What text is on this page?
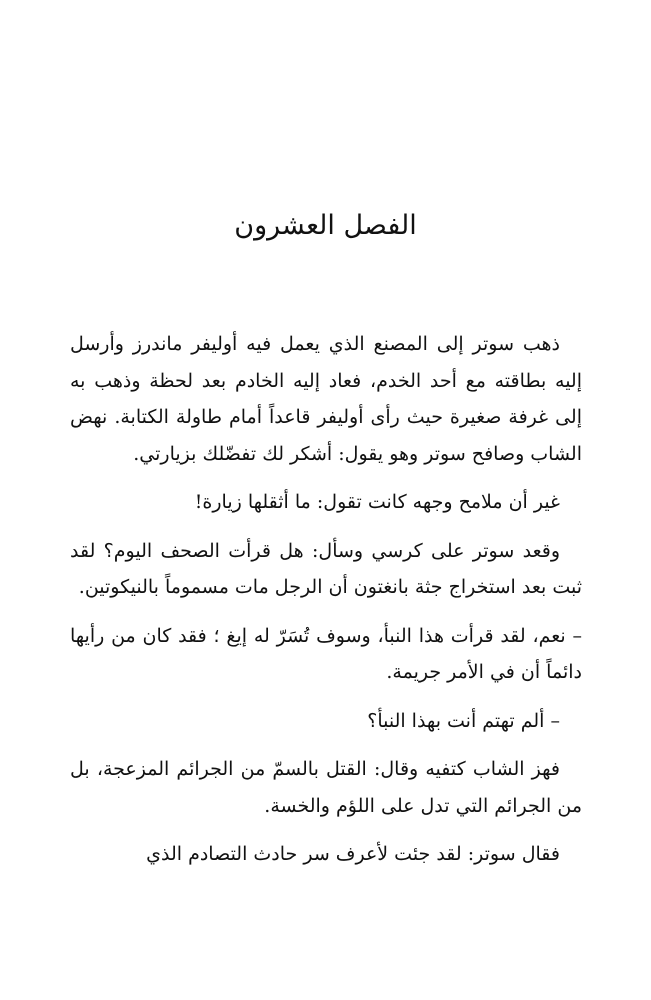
الفصل العشرون

ذهب سوتر إلى المصنع الذي يعمل فيه أوليفر ماندرز وأرسل إليه بطاقته مع أحد الخدم، فعاد إليه الخادم بعد لحظة وذهب به إلى غرفة صغيرة حيث رأى أوليفر قاعداً أمام طاولة الكتابة. نهض الشاب وصافح سوتر وهو يقول: أشكر لك تفضّلك بزيارتي.

غير أن ملامح وجهه كانت تقول: ما أثقلها زيارة!

وقعد سوتر على كرسي وسأل: هل قرأت الصحف اليوم؟ لقد ثبت بعد استخراج جثة بانغتون أن الرجل مات مسموماً بالنيكوتين.

– نعم، لقد قرأت هذا النبأ، وسوف تُسَرّ له إيغ ؛ فقد كان من رأيها دائماً أن في الأمر جريمة.

– ألم تهتم أنت بهذا النبأ؟

فهز الشاب كتفيه وقال: القتل بالسمّ من الجرائم المزعجة، بل من الجرائم التي تدل على اللؤم والخسة.

فقال سوتر: لقد جئت لأعرف سر حادث التصادم الذي
